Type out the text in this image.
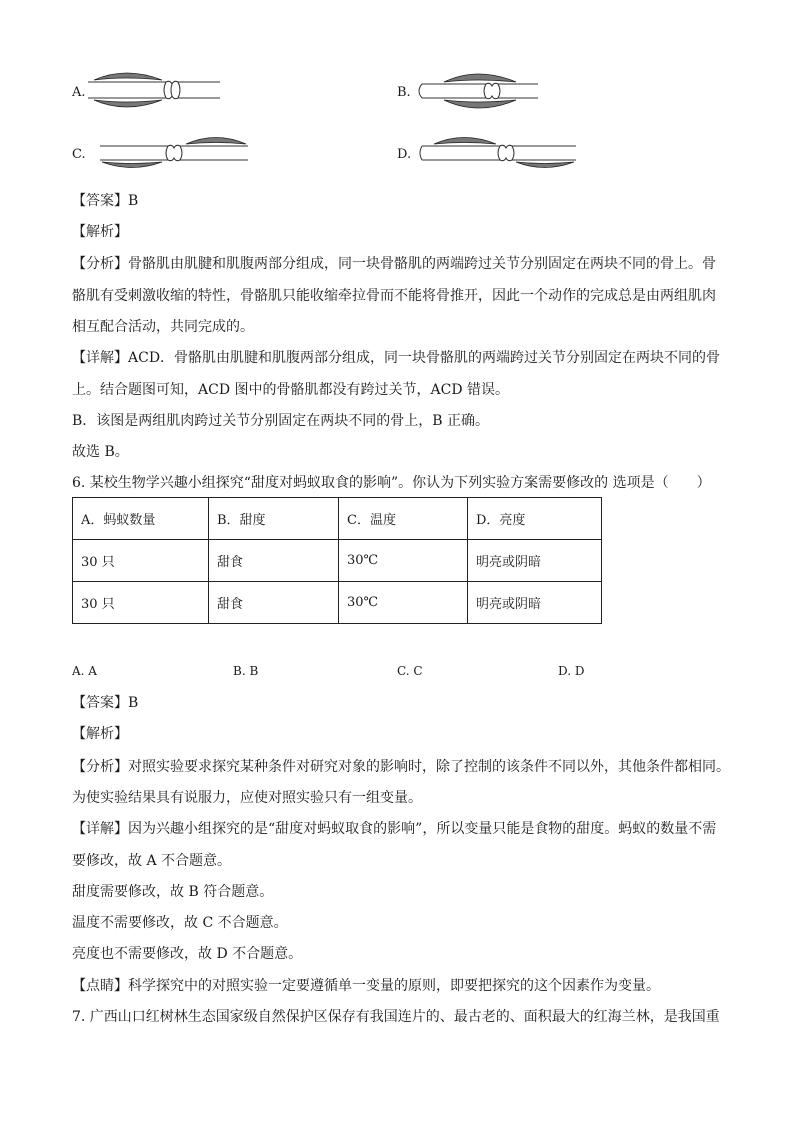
A.	B.
C.	D.
【答案】B
【解析】
【分析】骨骼肌由肌腱和肌腹两部分组成，同一块骨骼肌的两端跨过关节分别固定在两块不同的骨上。骨
骼肌有受刺激收缩的特性，骨骼肌只能收缩牵拉骨而不能将骨推开，因此一个动作的完成总是由两组肌肉
相互配合活动，共同完成的。
【详解】ACD．骨骼肌由肌腱和肌腹两部分组成，同一块骨骼肌的两端跨过关节分别固定在两块不同的骨
上。结合题图可知，ACD 图中的骨骼肌都没有跨过关节，ACD 错误。
B．该图是两组肌肉跨过关节分别固定在两块不同的骨上，B 正确。
故选 B。
6. 某校生物学兴趣小组探究“甜度对蚂蚁取食的影响”。你认为下列实验方案需要修改的 选项是（　　）
A．蚂蚁数量	B．甜度	C．温度	D．亮度
30 只	甜食	30℃	明亮或阴暗
30 只	甜食	30℃	明亮或阴暗
A. A	B. B	C. C	D. D
【答案】B
【解析】
【分析】对照实验要求探究某种条件对研究对象的影响时，除了控制的该条件不同以外，其他条件都相同。
为使实验结果具有说服力，应使对照实验只有一组变量。
【详解】因为兴趣小组探究的是“甜度对蚂蚁取食的影响”，所以变量只能是食物的甜度。蚂蚁的数量不需
要修改，故 A 不合题意。
甜度需要修改，故 B 符合题意。
温度不需要修改，故 C 不合题意。
亮度也不需要修改，故 D 不合题意。
【点睛】科学探究中的对照实验一定要遵循单一变量的原则，即要把探究的这个因素作为变量。
7. 广西山口红树林生态国家级自然保护区保存有我国连片的、最古老的、面积最大的红海兰林，是我国重
